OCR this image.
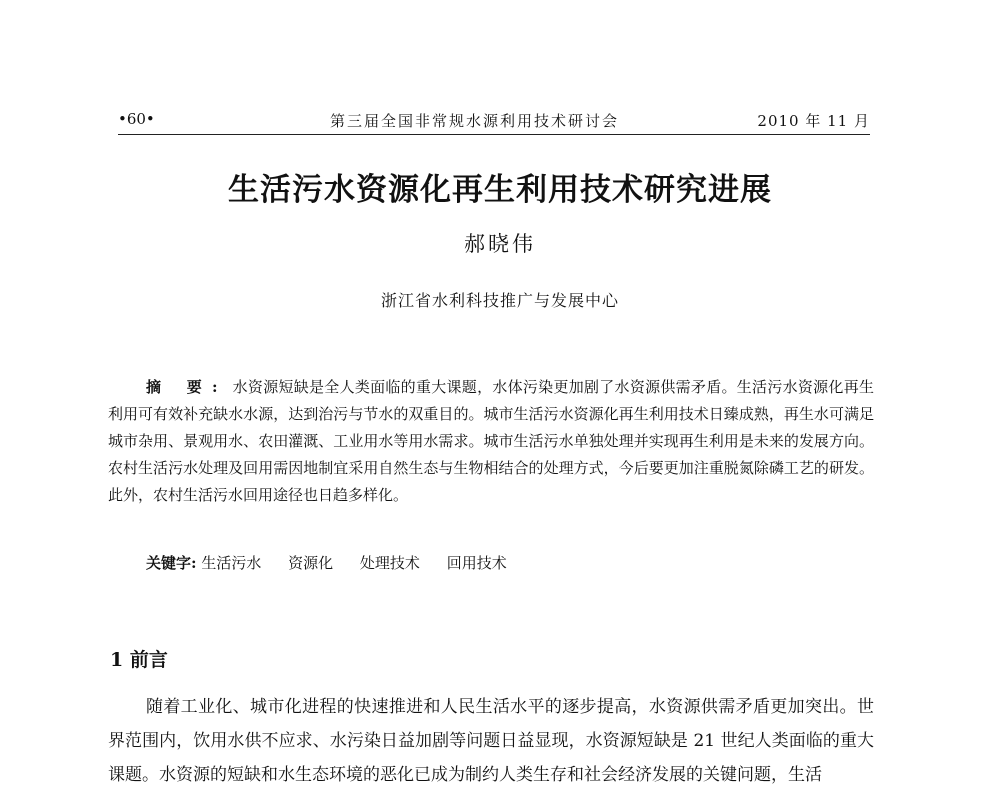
•60•	第三届全国非常规水源利用技术研讨会	2010 年 11 月
生活污水资源化再生利用技术研究进展
郝晓伟
浙江省水利科技推广与发展中心
摘 要: 水资源短缺是全人类面临的重大课题，水体污染更加剧了水资源供需矛盾。生活污水资源化再生利用可有效补充缺水水源，达到治污与节水的双重目的。城市生活污水资源化再生利用技术日臻成熟，再生水可满足城市杂用、景观用水、农田灌溉、工业用水等用水需求。城市生活污水单独处理并实现再生利用是未来的发展方向。农村生活污水处理及回用需因地制宜采用自然生态与生物相结合的处理方式，今后要更加注重脱氮除磷工艺的研发。此外，农村生活污水回用途径也日趋多样化。
关键字: 生活污水 资源化 处理技术 回用技术
1 前言
随着工业化、城市化进程的快速推进和人民生活水平的逐步提高，水资源供需矛盾更加突出。世界范围内，饮用水供不应求、水污染日益加剧等问题日益显现，水资源短缺是 21 世纪人类面临的重大课题。水资源的短缺和水生态环境的恶化已成为制约人类生存和社会经济发展的关键问题，生活
